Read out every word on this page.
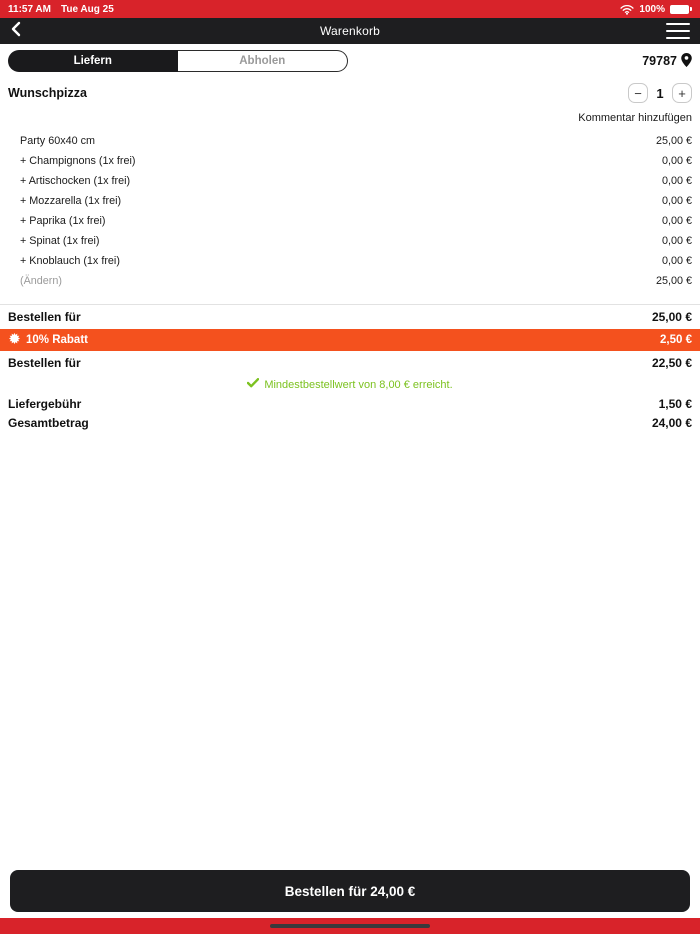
11:57 AM Tue Aug 25	100%
Warenkorb
Liefern	Abholen	79787
Wunschpizza	−	1	+
Kommentar hinzufügen
Party 60x40 cm	25,00 €
+ Champignons (1x frei)	0,00 €
+ Artischocken (1x frei)	0,00 €
+ Mozzarella (1x frei)	0,00 €
+ Paprika (1x frei)	0,00 €
+ Spinat (1x frei)	0,00 €
+ Knoblauch (1x frei)	0,00 €
(Ändern)	25,00 €
Bestellen für	25,00 €
10% Rabatt	2,50 €
Bestellen für	22,50 €
Mindestbestellwert von 8,00 € erreicht.
Liefergebühr	1,50 €
Gesamtbetrag	24,00 €
Bestellen für 24,00 €
